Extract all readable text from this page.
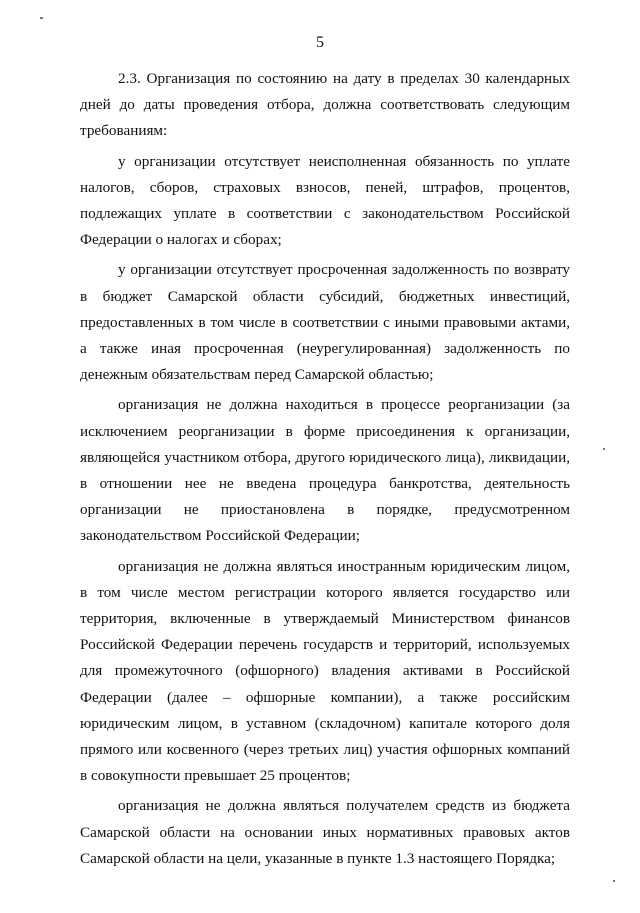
5

2.3. Организация по состоянию на дату в пределах 30 календарных дней до даты проведения отбора, должна соответствовать следующим требованиям:

у организации отсутствует неисполненная обязанность по уплате налогов, сборов, страховых взносов, пеней, штрафов, процентов, подлежащих уплате в соответствии с законодательством Российской Федерации о налогах и сборах;

у организации отсутствует просроченная задолженность по возврату в бюджет Самарской области субсидий, бюджетных инвестиций, предоставленных в том числе в соответствии с иными правовыми актами, а также иная просроченная (неурегулированная) задолженность по денежным обязательствам перед Самарской областью;

организация не должна находиться в процессе реорганизации (за исключением реорганизации в форме присоединения к организации, являющейся участником отбора, другого юридического лица), ликвидации, в отношении нее не введена процедура банкротства, деятельность организации не приостановлена в порядке, предусмотренном законодательством Российской Федерации;

организация не должна являться иностранным юридическим лицом, в том числе местом регистрации которого является государство или территория, включенные в утверждаемый Министерством финансов Российской Федерации перечень государств и территорий, используемых для промежуточного (офшорного) владения активами в Российской Федерации (далее – офшорные компании), а также российским юридическим лицом, в уставном (складочном) капитале которого доля прямого или косвенного (через третьих лиц) участия офшорных компаний в совокупности превышает 25 процентов;

организация не должна являться получателем средств из бюджета Самарской области на основании иных нормативных правовых актов Самарской области на цели, указанные в пункте 1.3 настоящего Порядка;
